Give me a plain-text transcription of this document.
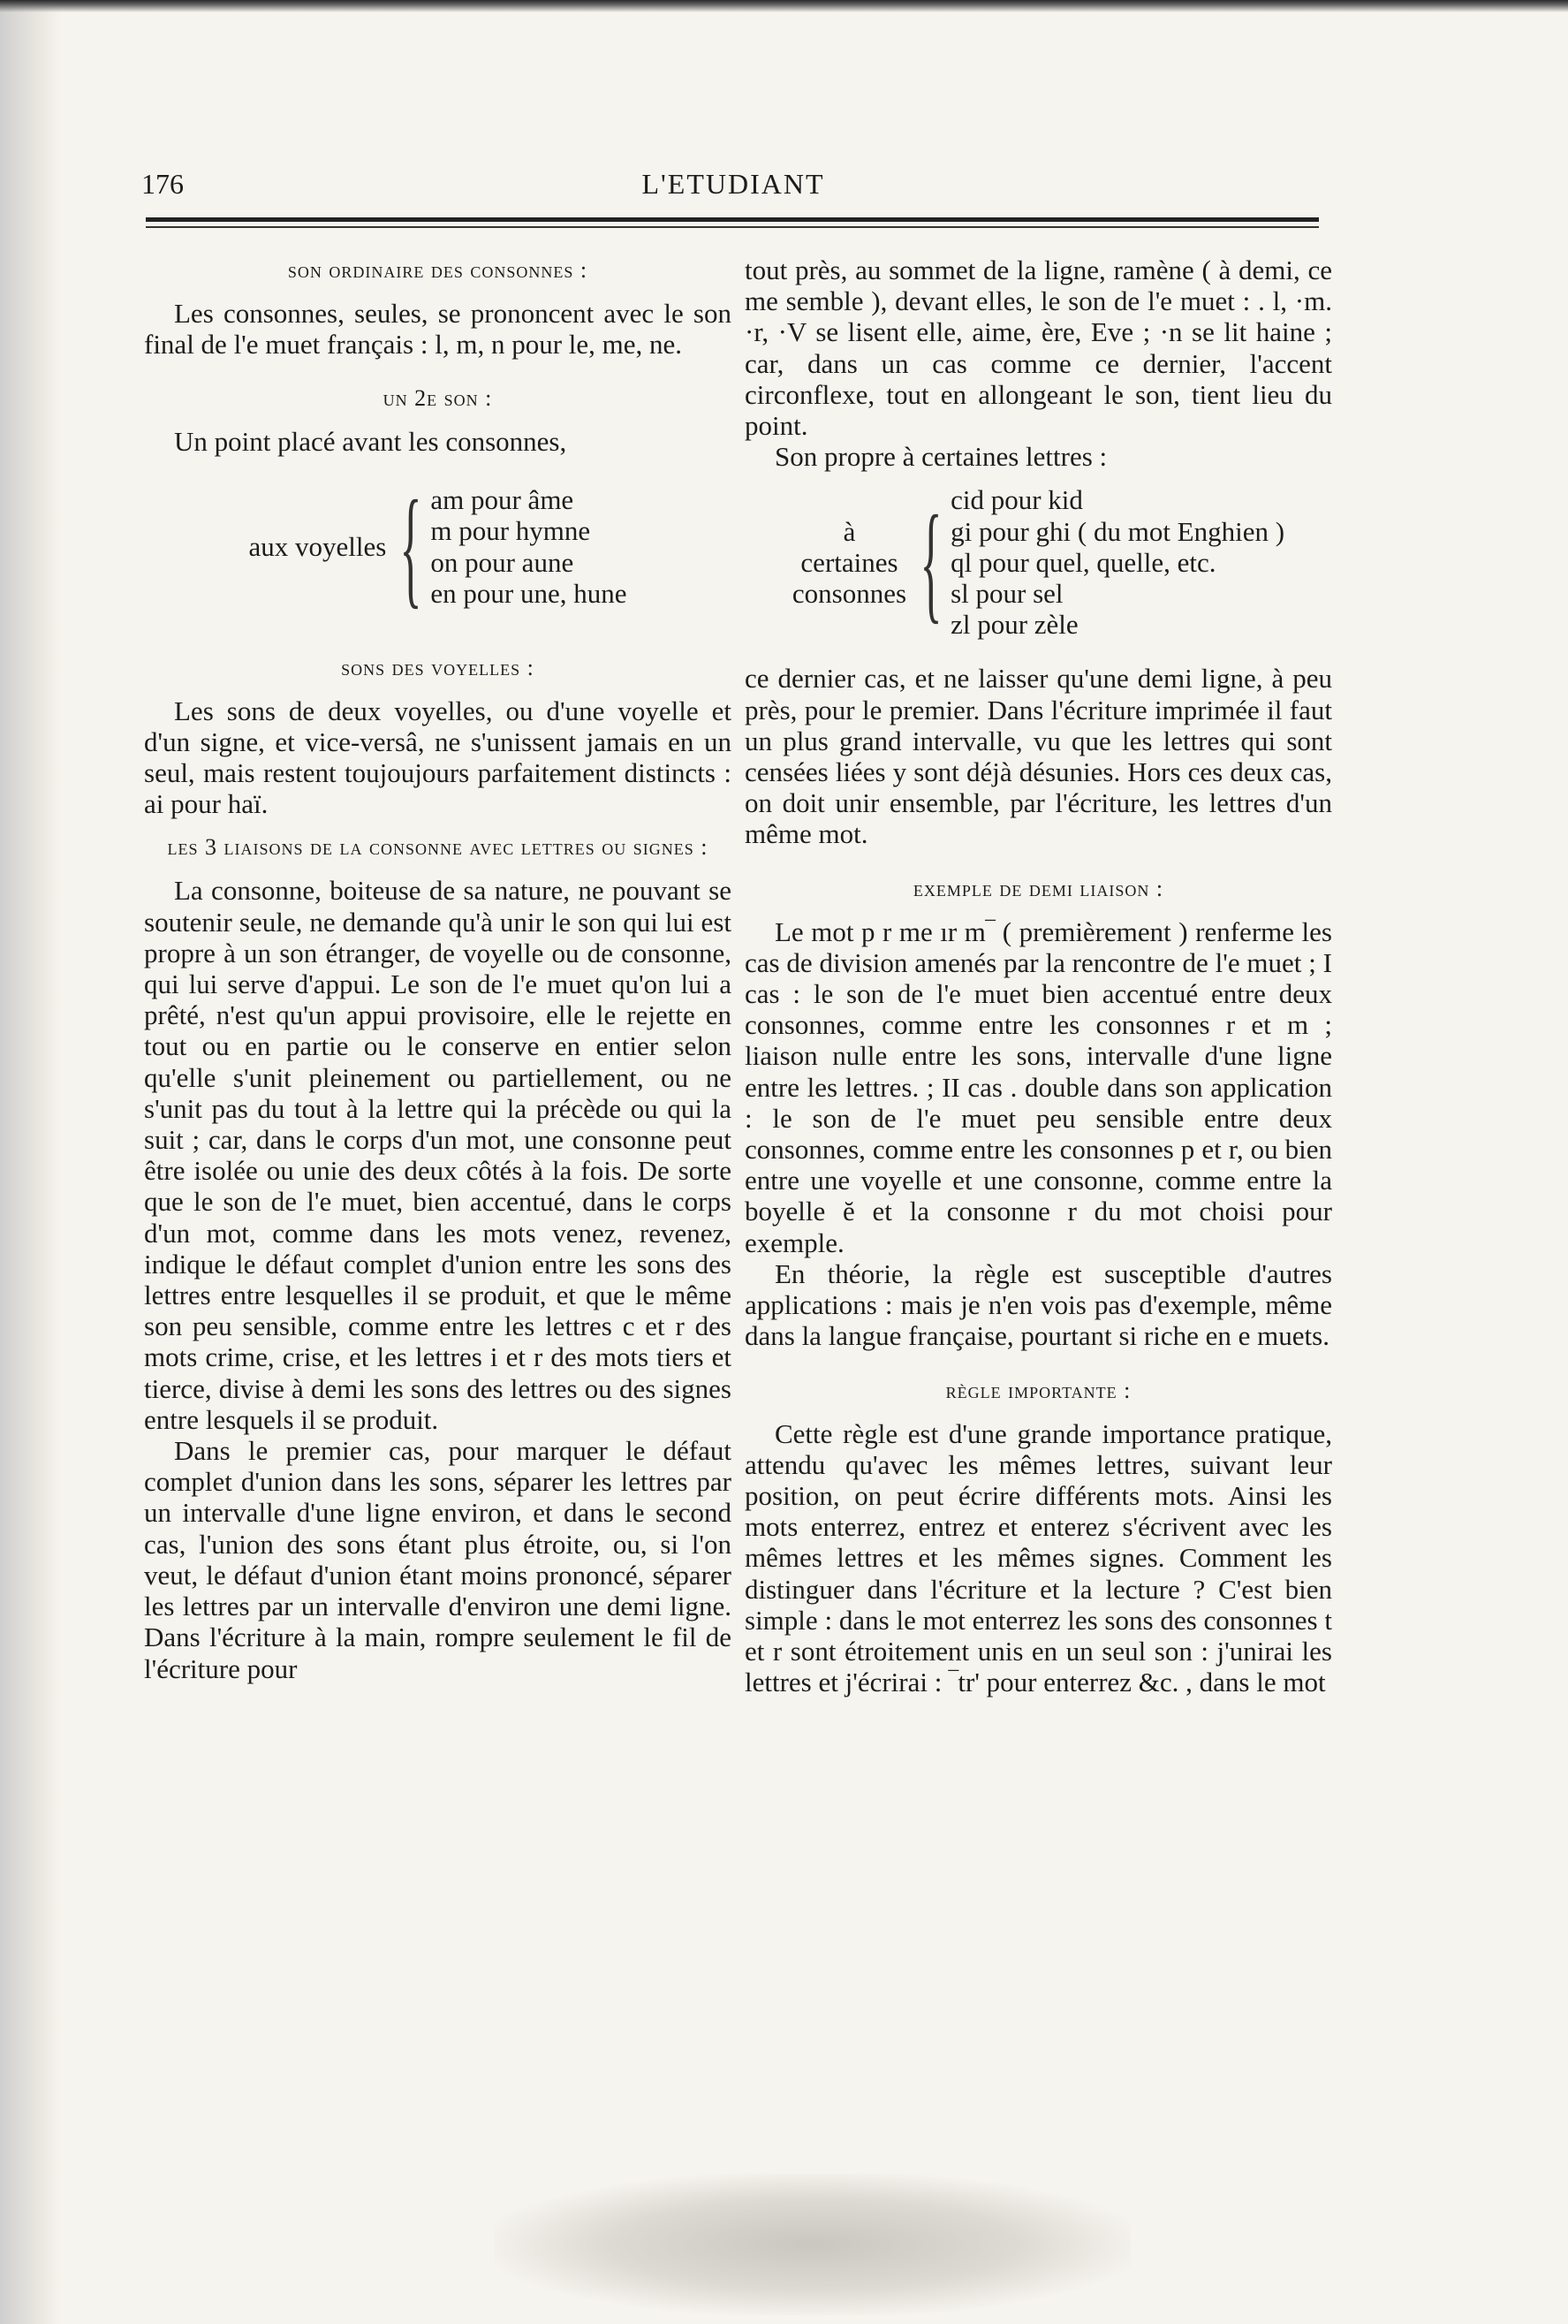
176	L'ETUDIANT
son ordinaire des consonnes :

Les consonnes, seules, se prononcent avec le son final de l'e muet français : l, m, n pour le, me, ne.

un 2e son :

Un point placé avant les consonnes,

aux voyelles { am pour âme
m pour hymne
on pour aune
en pour une, hune
sons des voyelles :

Les sons de deux voyelles, ou d'une voyelle et d'un signe, et vice-versâ, ne s'unissent jamais en un seul, mais restent toujoujours parfaitement distincts : ai pour haï.

les 3 liaisons de la consonne avec lettres ou signes :

La consonne, boiteuse de sa nature, ne pouvant se soutenir seule, ne demande qu'à unir le son qui lui est propre à un son étranger, de voyelle ou de consonne, qui lui serve d'appui. Le son de l'e muet qu'on lui a prêté, n'est qu'un appui provisoire, elle le rejette en tout ou en partie ou le conserve en entier selon qu'elle s'unit pleinement ou partiellement, ou ne s'unit pas du tout à la lettre qui la précède ou qui la suit ; car, dans le corps d'un mot, une consonne peut être isolée ou unie des deux côtés à la fois. De sorte que le son de l'e muet, bien accentué, dans le corps d'un mot, comme dans les mots venez, revenez, indique le défaut complet d'union entre les sons des lettres entre lesquelles il se produit, et que le même son peu sensible, comme entre les lettres c et r des mots crime, crise, et les lettres i et r des mots tiers et tierce, divise à demi les sons des lettres ou des signes entre lesquels il se produit.

Dans le premier cas, pour marquer le défaut complet d'union dans les sons, séparer les lettres par un intervalle d'une ligne environ, et dans le second cas, l'union des sons étant plus étroite, ou, si l'on veut, le défaut d'union étant moins prononcé, séparer les lettres par un intervalle d'environ une demi ligne. Dans l'écriture à la main, rompre seulement le fil de l'écriture pour

tout près, au sommet de la ligne, ramène ( à demi, ce me semble ), devant elles, le son de l'e muet : . l, ·m. ·r, ·V se lisent elle, aime, ère, Eve ; ·n se lit haine ; car, dans un cas comme ce dernier, l'accent circonflexe, tout en allongeant le son, tient lieu du point.

Son propre à certaines lettres :

à
certaines
consonnes { cid pour kid
gi pour ghi ( du mot Enghien )
ql pour quel, quelle, etc.
sl pour sel
zl pour zèle

ce dernier cas, et ne laisser qu'une demi ligne, à peu près, pour le premier. Dans l'écriture imprimée il faut un plus grand intervalle, vu que les lettres qui sont censées liées y sont déjà désunies. Hors ces deux cas, on doit unir ensemble, par l'écriture, les lettres d'un même mot.

exemple de demi liaison :

Le mot p r me ır m‾ ( premièrement ) renferme les cas de division amenés par la rencontre de l'e muet ; I cas : le son de l'e muet bien accentué entre deux consonnes, comme entre les consonnes r et m ; liaison nulle entre les sons, intervalle d'une ligne entre les lettres. ; II cas . double dans son application : le son de l'e muet peu sensible entre deux consonnes, comme entre les consonnes p et r, ou bien entre une voyelle et une consonne, comme entre la boyelle ĕ et la consonne r du mot choisi pour exemple.

En théorie, la règle est susceptible d'autres applications : mais je n'en vois pas d'exemple, même dans la langue française, pourtant si riche en e muets.

règle importante :

Cette règle est d'une grande importance pratique, attendu qu'avec les mêmes lettres, suivant leur position, on peut écrire différents mots. Ainsi les mots enterrez, entrez et enterez s'écrivent avec les mêmes lettres et les mêmes signes. Comment les distinguer dans l'écriture et la lecture ? C'est bien simple : dans le mot enterrez les sons des consonnes t et r sont étroitement unis en un seul son : j'unirai les lettres et j'écrirai : ‾tr' pour enterrez &c. , dans le mot
